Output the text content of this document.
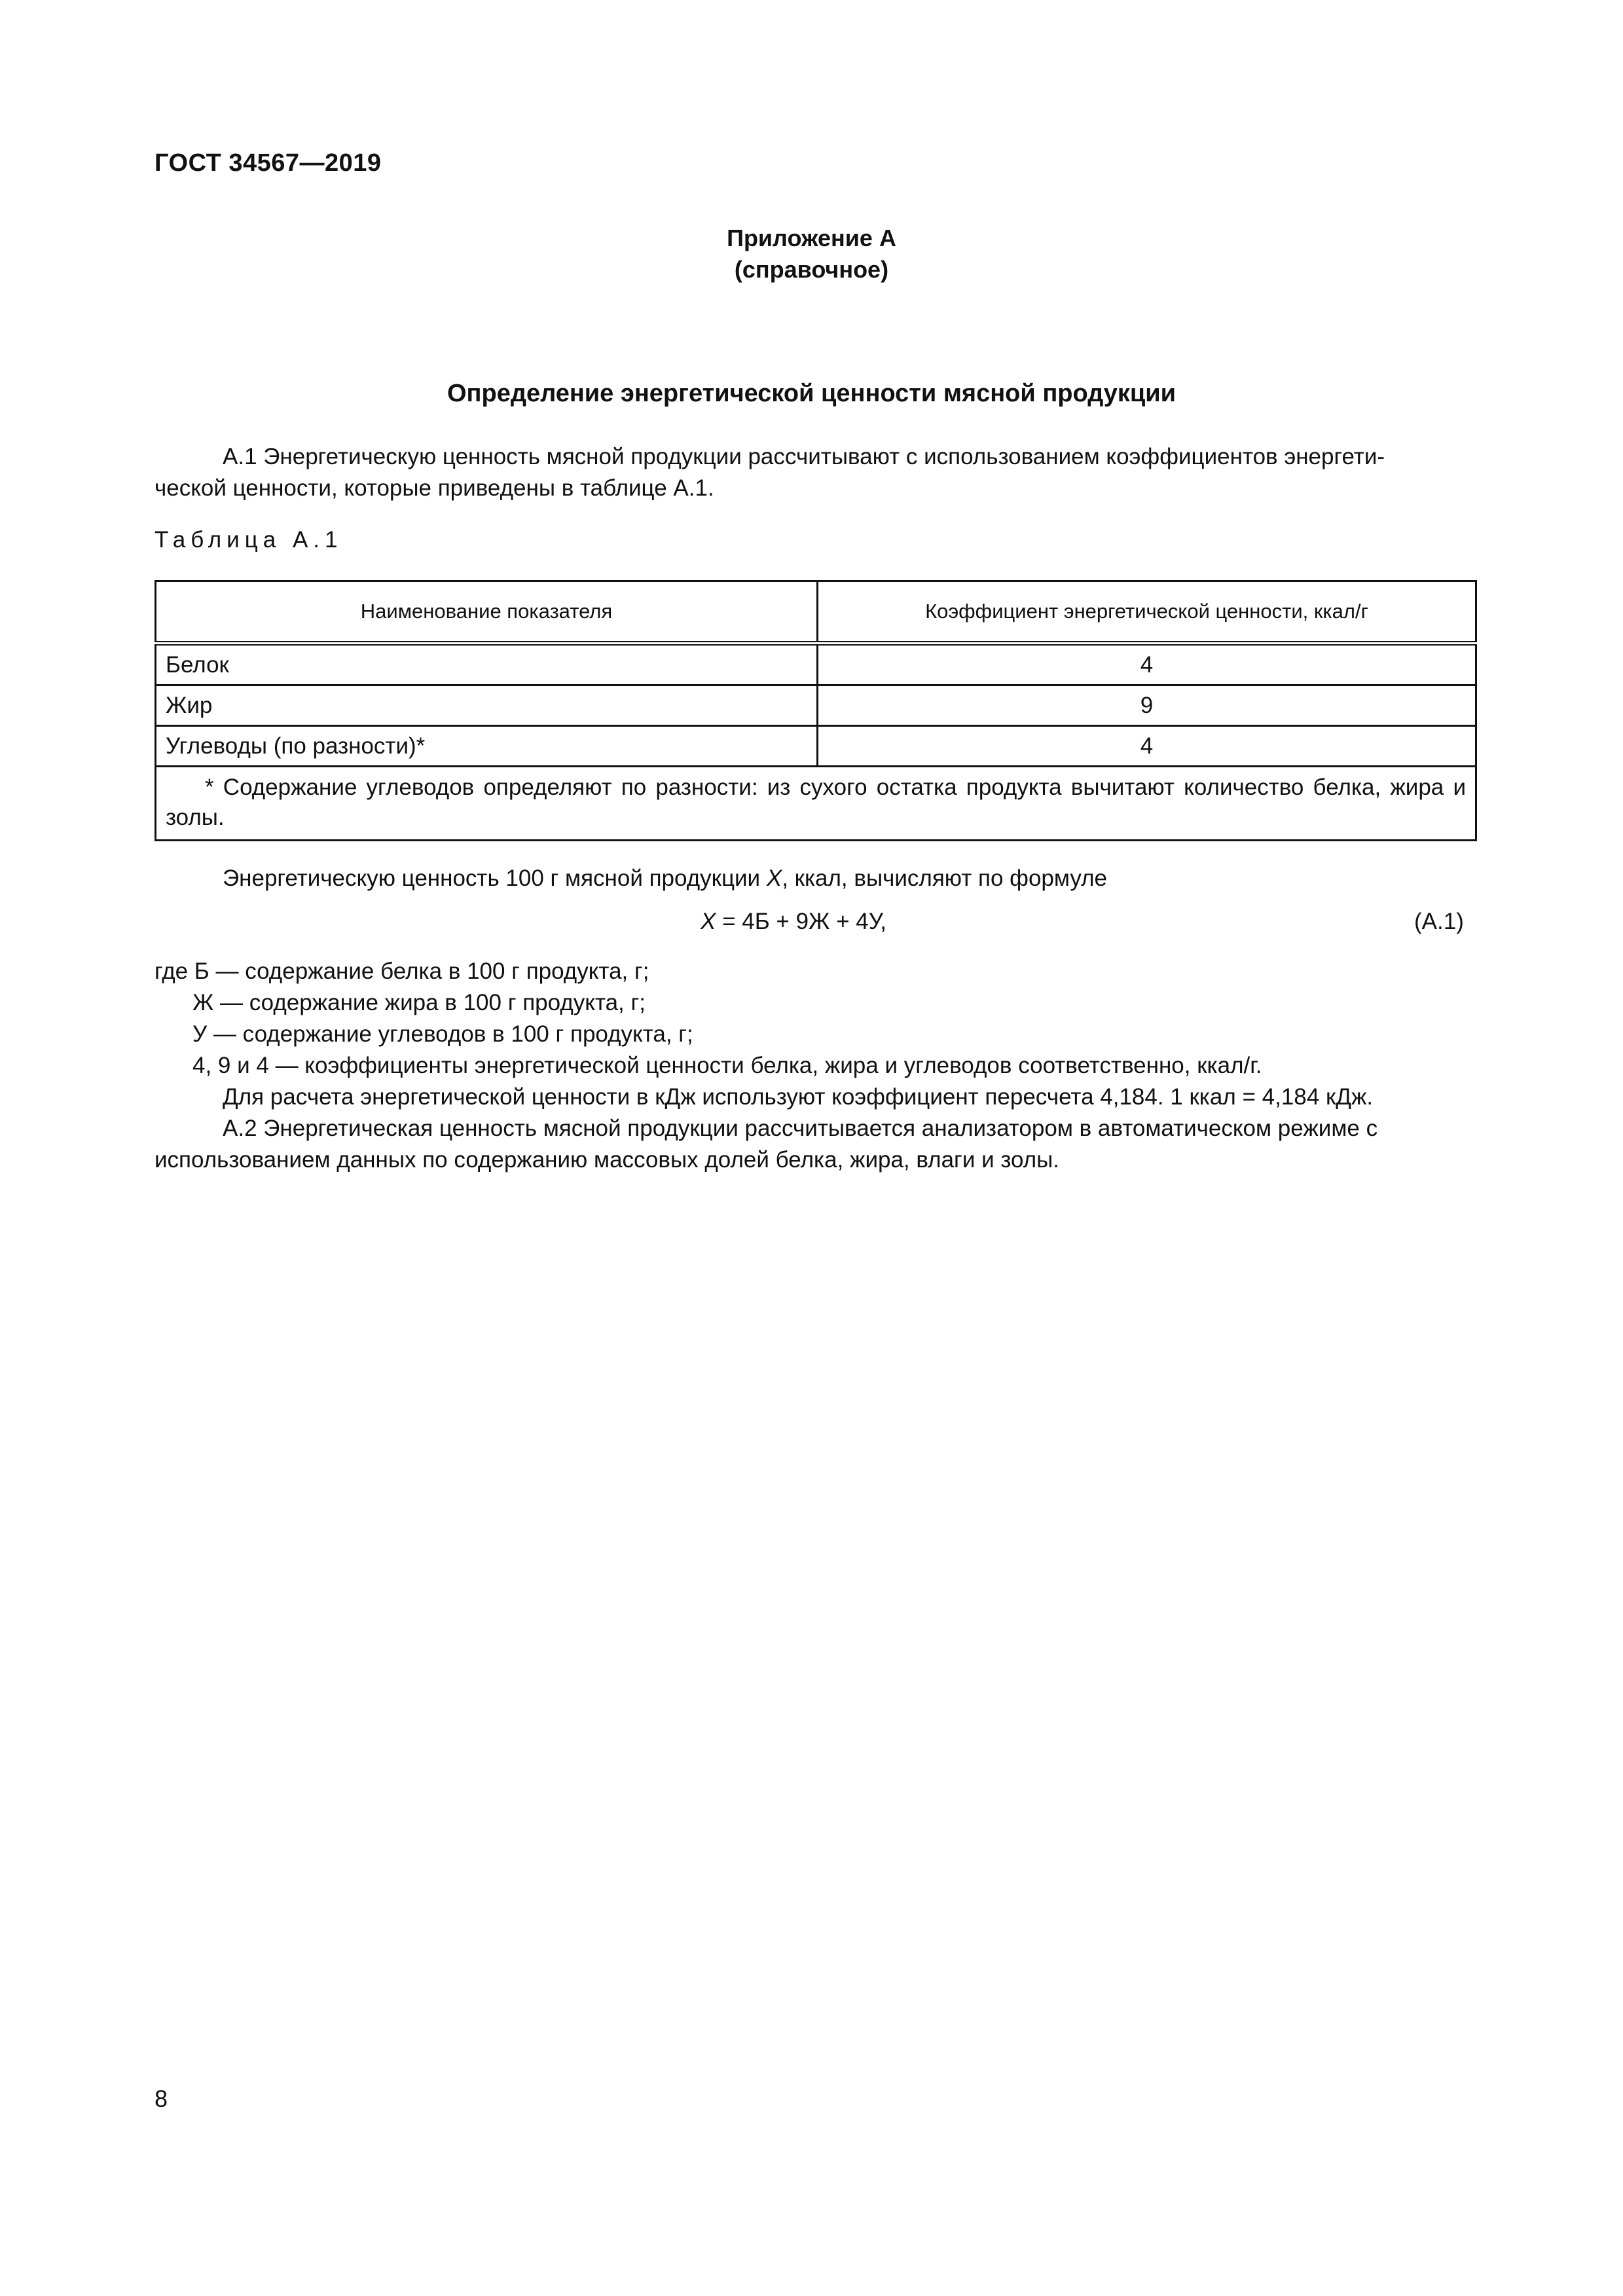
ГОСТ 34567—2019
Приложение А
(справочное)
Определение энергетической ценности мясной продукции
А.1 Энергетическую ценность мясной продукции рассчитывают с использованием коэффициентов энергети-
ческой ценности, которые приведены в таблице А.1.
Таблица А.1
Наименование показателя	Коэффициент энергетической ценности, ккал/г
Белок	4
Жир	9
Углеводы (по разности)*	4
* Содержание углеводов определяют по разности: из сухого остатка продукта вычитают количество белка, жира и золы.	
Энергетическую ценность 100 г мясной продукции X, ккал, вычисляют по формуле
X = 4Б + 9Ж + 4У,	(А.1)
где Б — содержание белка в 100 г продукта, г;
Ж — содержание жира в 100 г продукта, г;
У — содержание углеводов в 100 г продукта, г;
4, 9 и 4 — коэффициенты энергетической ценности белка, жира и углеводов соответственно, ккал/г.
Для расчета энергетической ценности в кДж используют коэффициент пересчета 4,184. 1 ккал = 4,184 кДж.
А.2 Энергетическая ценность мясной продукции рассчитывается анализатором в автоматическом режиме с
использованием данных по содержанию массовых долей белка, жира, влаги и золы.
8
